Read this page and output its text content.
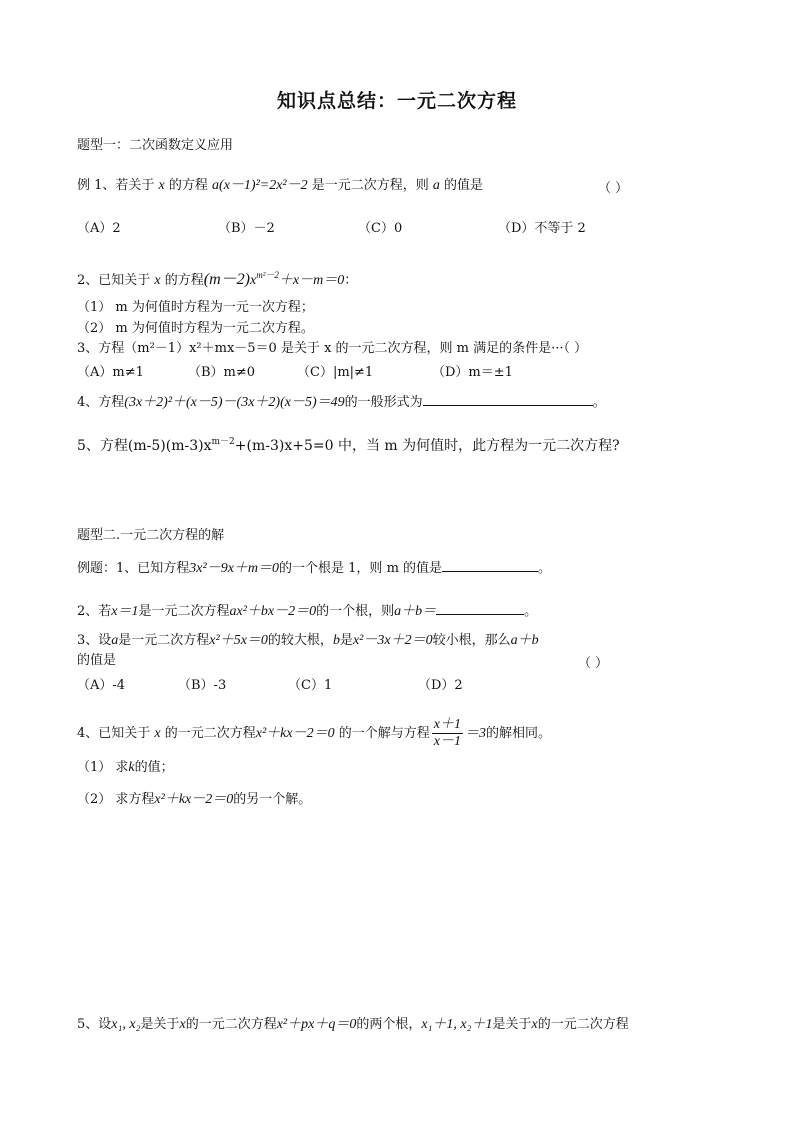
知识点总结：一元二次方程
题型一：二次函数定义应用
例 1、若关于 x 的方程 a(x－1)²=2x²－2 是一元二次方程，则 a 的值是	（ ）
（A）2	（B）－2	（C）0	（D）不等于 2
2、已知关于 x 的方程$(m-2)x^{m^2-2}+x-m=0$：
（1） m 为何值时方程为一元一次方程；
（2） m 为何值时方程为一元二次方程。
3、方程（m²－1）x²＋mx－5＝0 是关于 x 的一元二次方程，则 m 满足的条件是···（ ）
（A）m≠1	（B）m≠0	（C）|m|≠1	（D）m＝±1
4、方程(3x＋2)²＋(x－5)－(3x＋2)(x－5)＝49的一般形式为	。
5、方程$(m-5)(m-3)x^{m-2}+(m-3)x+5=0$ 中，当 m 为何值时，此方程为一元二次方程?
题型二.一元二次方程的解
例题：1、已知方程3x²－9x＋m＝0的一个根是 1，则 m 的值是	。
2、若x＝1是一元二次方程ax²＋bx－2＝0的一个根，则a＋b＝	。
3、设a是一元二次方程x²＋5x＝0的较大根，b是x²－3x＋2＝0较小根，那么a＋b
的值是	（ ）
（A）-4	（B）-3	（C）1	（D）2
4、已知关于 x 的一元二次方程x²＋kx－2＝0 的一个解与方程 $\frac{x+1}{x-1} =3$的解相同。
（1） 求k的值；
（2） 求方程x²＋kx－2＝0的另一个解。
5、设x₁, x₂是关于x的一元二次方程x²＋px＋q＝0的两个根，x₁＋1, x₂＋1是关于x的一元二次方程
